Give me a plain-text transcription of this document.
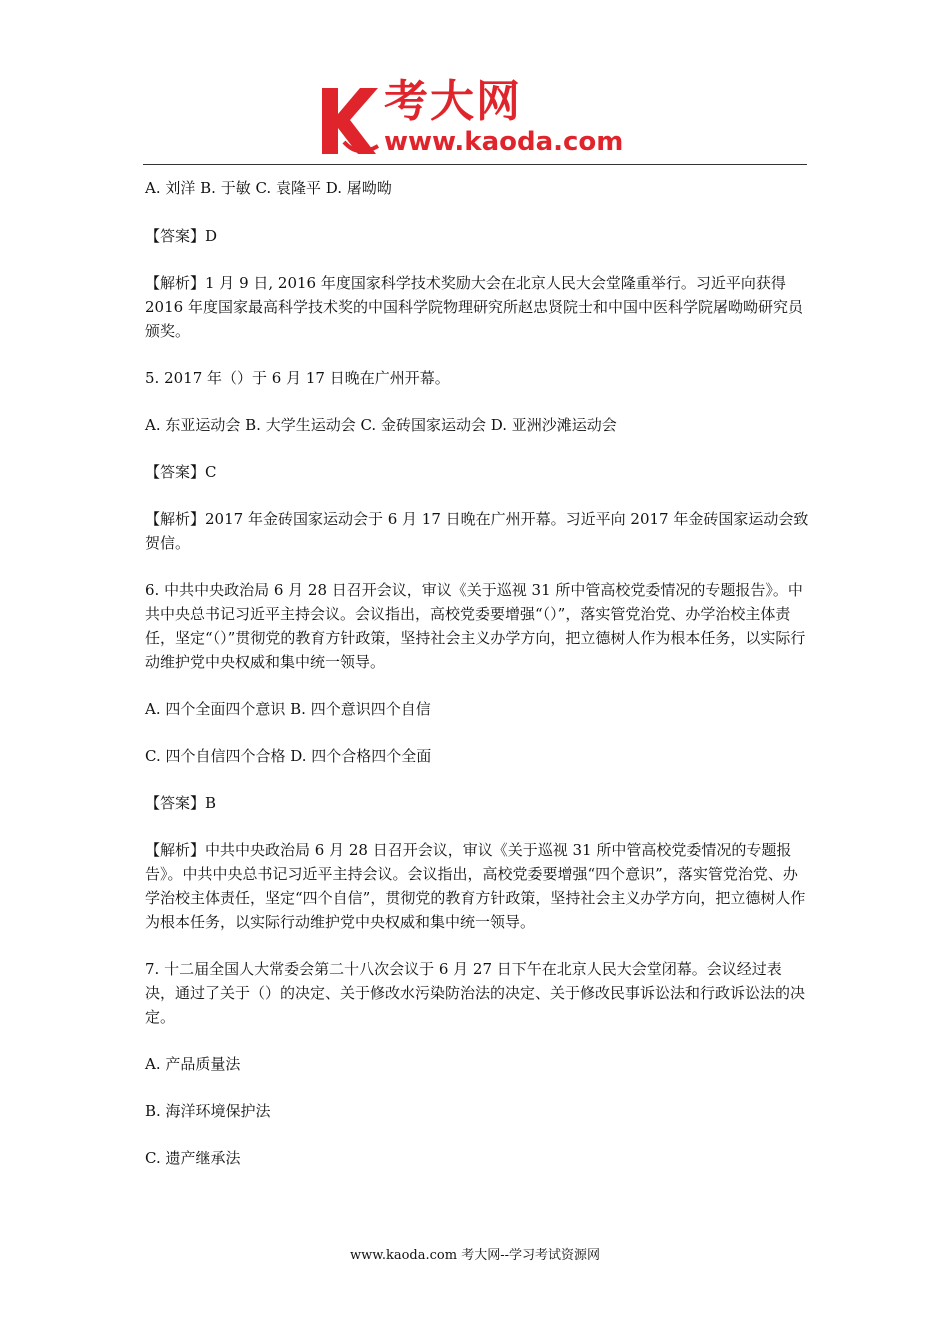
考大网
www.kaoda.com

A. 刘洋 B. 于敏 C. 袁隆平 D. 屠呦呦

【答案】D

【解析】1 月 9 日, 2016 年度国家科学技术奖励大会在北京人民大会堂隆重举行。习近平向获得 2016 年度国家最高科学技术奖的中国科学院物理研究所赵忠贤院士和中国中医科学院屠呦呦研究员颁奖。

5. 2017 年（）于 6 月 17 日晚在广州开幕。

A. 东亚运动会 B. 大学生运动会 C. 金砖国家运动会 D. 亚洲沙滩运动会

【答案】C

【解析】2017 年金砖国家运动会于 6 月 17 日晚在广州开幕。习近平向 2017 年金砖国家运动会致贺信。

6. 中共中央政治局 6 月 28 日召开会议，审议《关于巡视 31 所中管高校党委情况的专题报告》。中共中央总书记习近平主持会议。会议指出，高校党委要增强“（）”，落实管党治党、办学治校主体责任，坚定“（）”贯彻党的教育方针政策，坚持社会主义办学方向，把立德树人作为根本任务，以实际行动维护党中央权威和集中统一领导。

A. 四个全面四个意识 B. 四个意识四个自信

C. 四个自信四个合格 D. 四个合格四个全面

【答案】B

【解析】中共中央政治局 6 月 28 日召开会议，审议《关于巡视 31 所中管高校党委情况的专题报告》。中共中央总书记习近平主持会议。会议指出，高校党委要增强“四个意识”，落实管党治党、办学治校主体责任，坚定“四个自信”，贯彻党的教育方针政策，坚持社会主义办学方向，把立德树人作为根本任务，以实际行动维护党中央权威和集中统一领导。

7. 十二届全国人大常委会第二十八次会议于 6 月 27 日下午在北京人民大会堂闭幕。会议经过表决，通过了关于（）的决定、关于修改水污染防治法的决定、关于修改民事诉讼法和行政诉讼法的决定。

A. 产品质量法

B. 海洋环境保护法

C. 遗产继承法

www.kaoda.com 考大网--学习考试资源网
